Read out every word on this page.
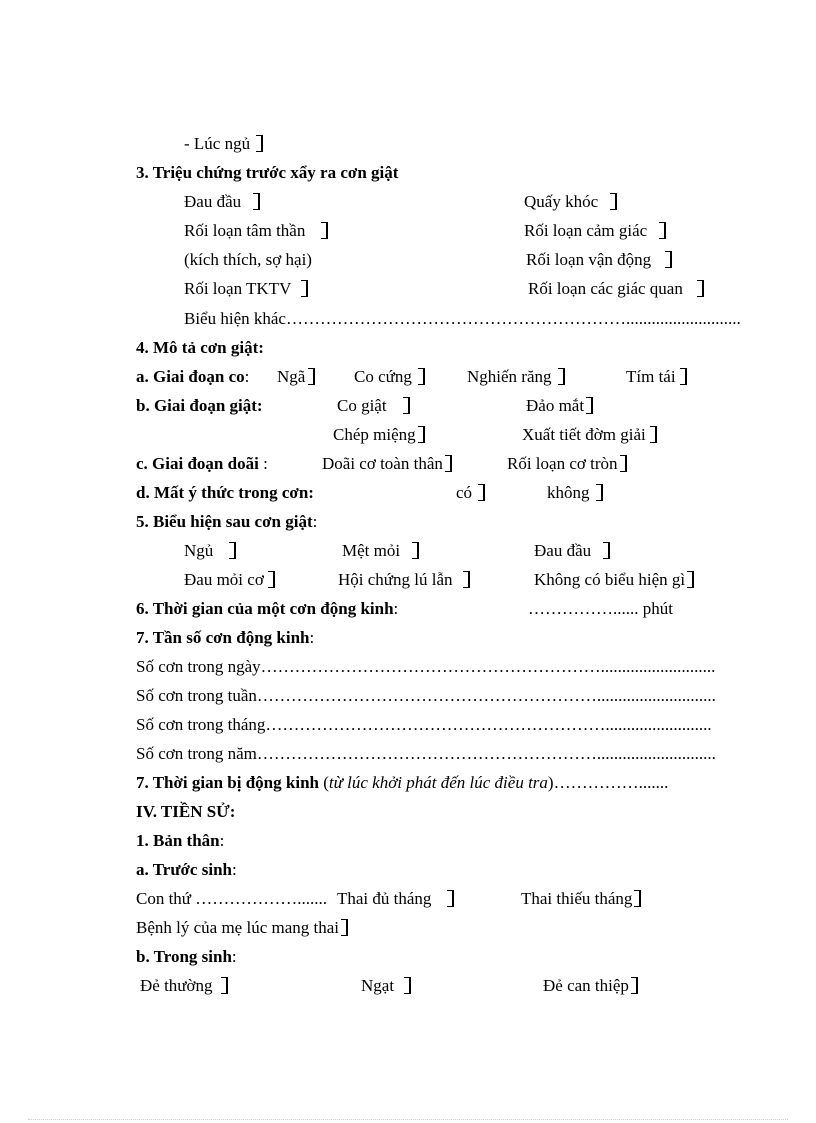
- Lúc ngủ
3. Triệu chứng trước xẩy ra cơn giật
Đau đầu	Quấy khóc
Rối loạn tâm thần	Rối loạn cảm giác
(kích thích, sợ hại)	Rối loạn vận động
Rối loạn TKTV	Rối loạn các giác quan
Biểu hiện khác……………………………………………………...........................
4. Mô tả cơn giật:
a. Giai đoạn co: Ngã	Co cứng	Nghiến răng	Tím tái
b. Giai đoạn giật:	Co giật	Đảo mắt
Chép miệng	Xuất tiết đờm giải
c. Giai đoạn doãi :	Doãi cơ toàn thân	Rối loạn cơ tròn
d. Mất ý thức trong cơn:	có	không
5. Biểu hiện sau cơn giật:
Ngủ	Mệt mỏi	Đau đầu
Đau mỏi cơ	Hội chứng lú lẫn	Không có biểu hiện gì
6. Thời gian của một cơn động kinh:	……………...... phút
7. Tần số cơn động kinh:
Số cơn trong ngày……………………………………………………...........................
Số cơn trong tuần……………………………………………………............................
Số cơn trong tháng…………………………………………………….........................
Số cơn trong năm……………………………………………………............................
7. Thời gian bị động kinh (từ lúc khởi phát đến lúc điều tra)…………….......
IV. TIỀN SỬ:
1. Bản thân:
a. Trước sinh:
Con thứ ………………....... Thai đủ tháng	Thai thiếu tháng
Bệnh lý của mẹ lúc mang thai
b. Trong sinh:
Đẻ thường	Ngạt	Đẻ can thiệp
